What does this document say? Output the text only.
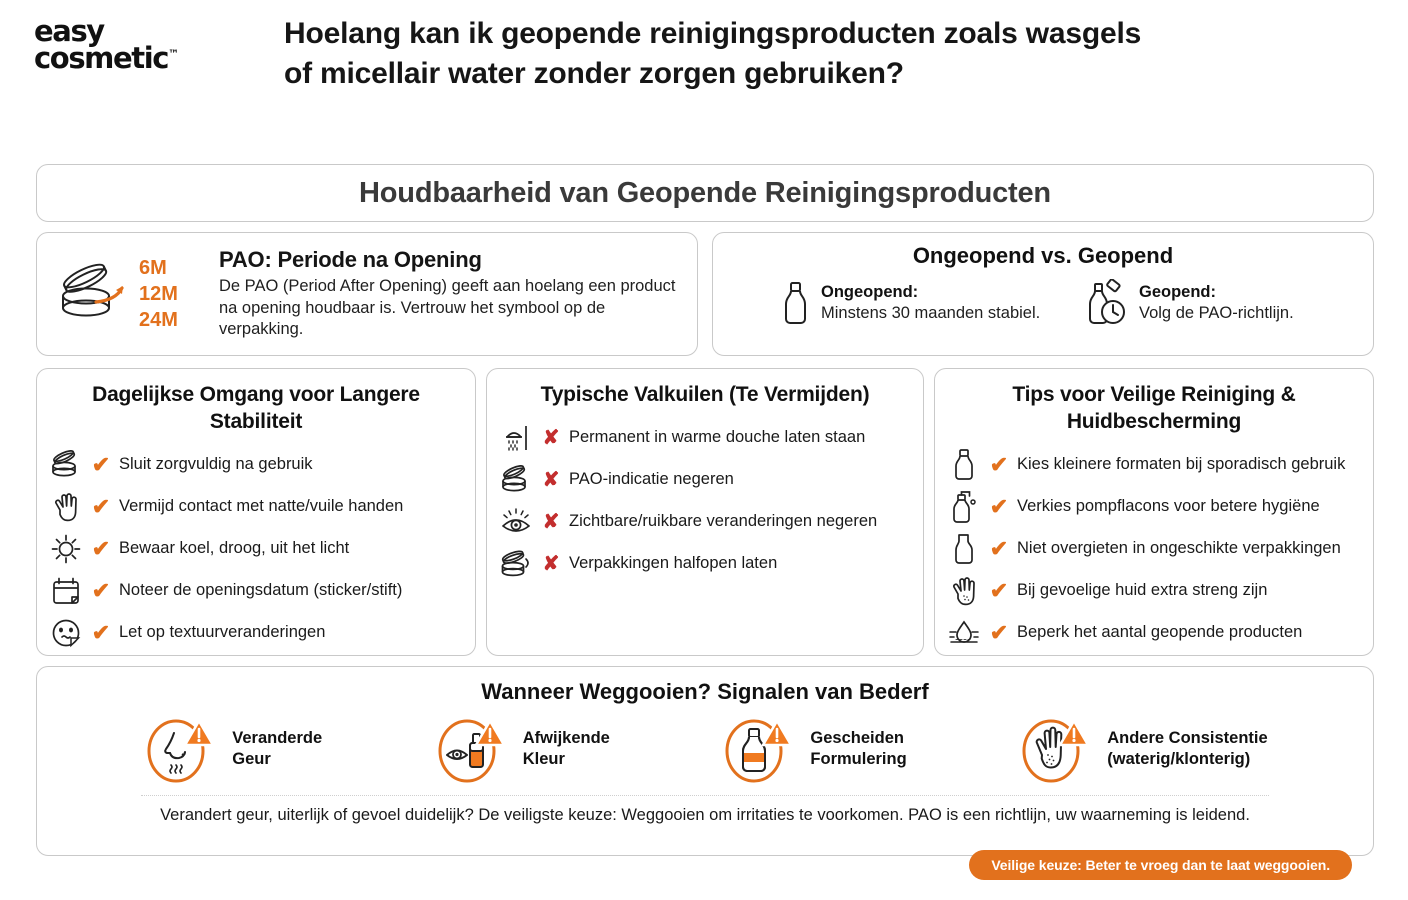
easy
cosmetic™
Hoelang kan ik geopende reinigingsproducten zoals wasgels of micellair water zonder zorgen gebruiken?
Houdbaarheid van Geopende Reinigingsproducten
6M
12M
24M
PAO: Periode na Opening

De PAO (Period After Opening) geeft aan hoelang een product na opening houdbaar is. Vertrouw het symbool op de verpakking.

Ongeopend vs. Geopend
Ongeopend:
Minstens 30 maanden stabiel.
Geopend:
Volg de PAO-richtlijn.
Dagelijkse Omgang voor Langere Stabiliteit
✔ Sluit zorgvuldig na gebruik
✔ Vermijd contact met natte/vuile handen
✔ Bewaar koel, droog, uit het licht
✔ Noteer de openingsdatum (sticker/stift)
✔ Let op textuurveranderingen
Typische Valkuilen (Te Vermijden)
✘ Permanent in warme douche laten staan
✘ PAO-indicatie negeren
✘ Zichtbare/ruikbare veranderingen negeren
✘ Verpakkingen halfopen laten
Tips voor Veilige Reiniging & Huidbescherming
✔ Kies kleinere formaten bij sporadisch gebruik
✔ Verkies pompflacons voor betere hygiëne
✔ Niet overgieten in ongeschikte verpakkingen
✔ Bij gevoelige huid extra streng zijn
✔ Beperk het aantal geopende producten
Wanneer Weggooien? Signalen van Bederf
Veranderde
Geur
Afwijkende
Kleur
Gescheiden
Formulering
Andere Consistentie
(waterig/klonterig)
Verandert geur, uiterlijk of gevoel duidelijk? De veiligste keuze: Weggooien om irritaties te voorkomen. PAO is een richtlijn, uw waarneming is leidend.
Veilige keuze: Beter te vroeg dan te laat weggooien.
